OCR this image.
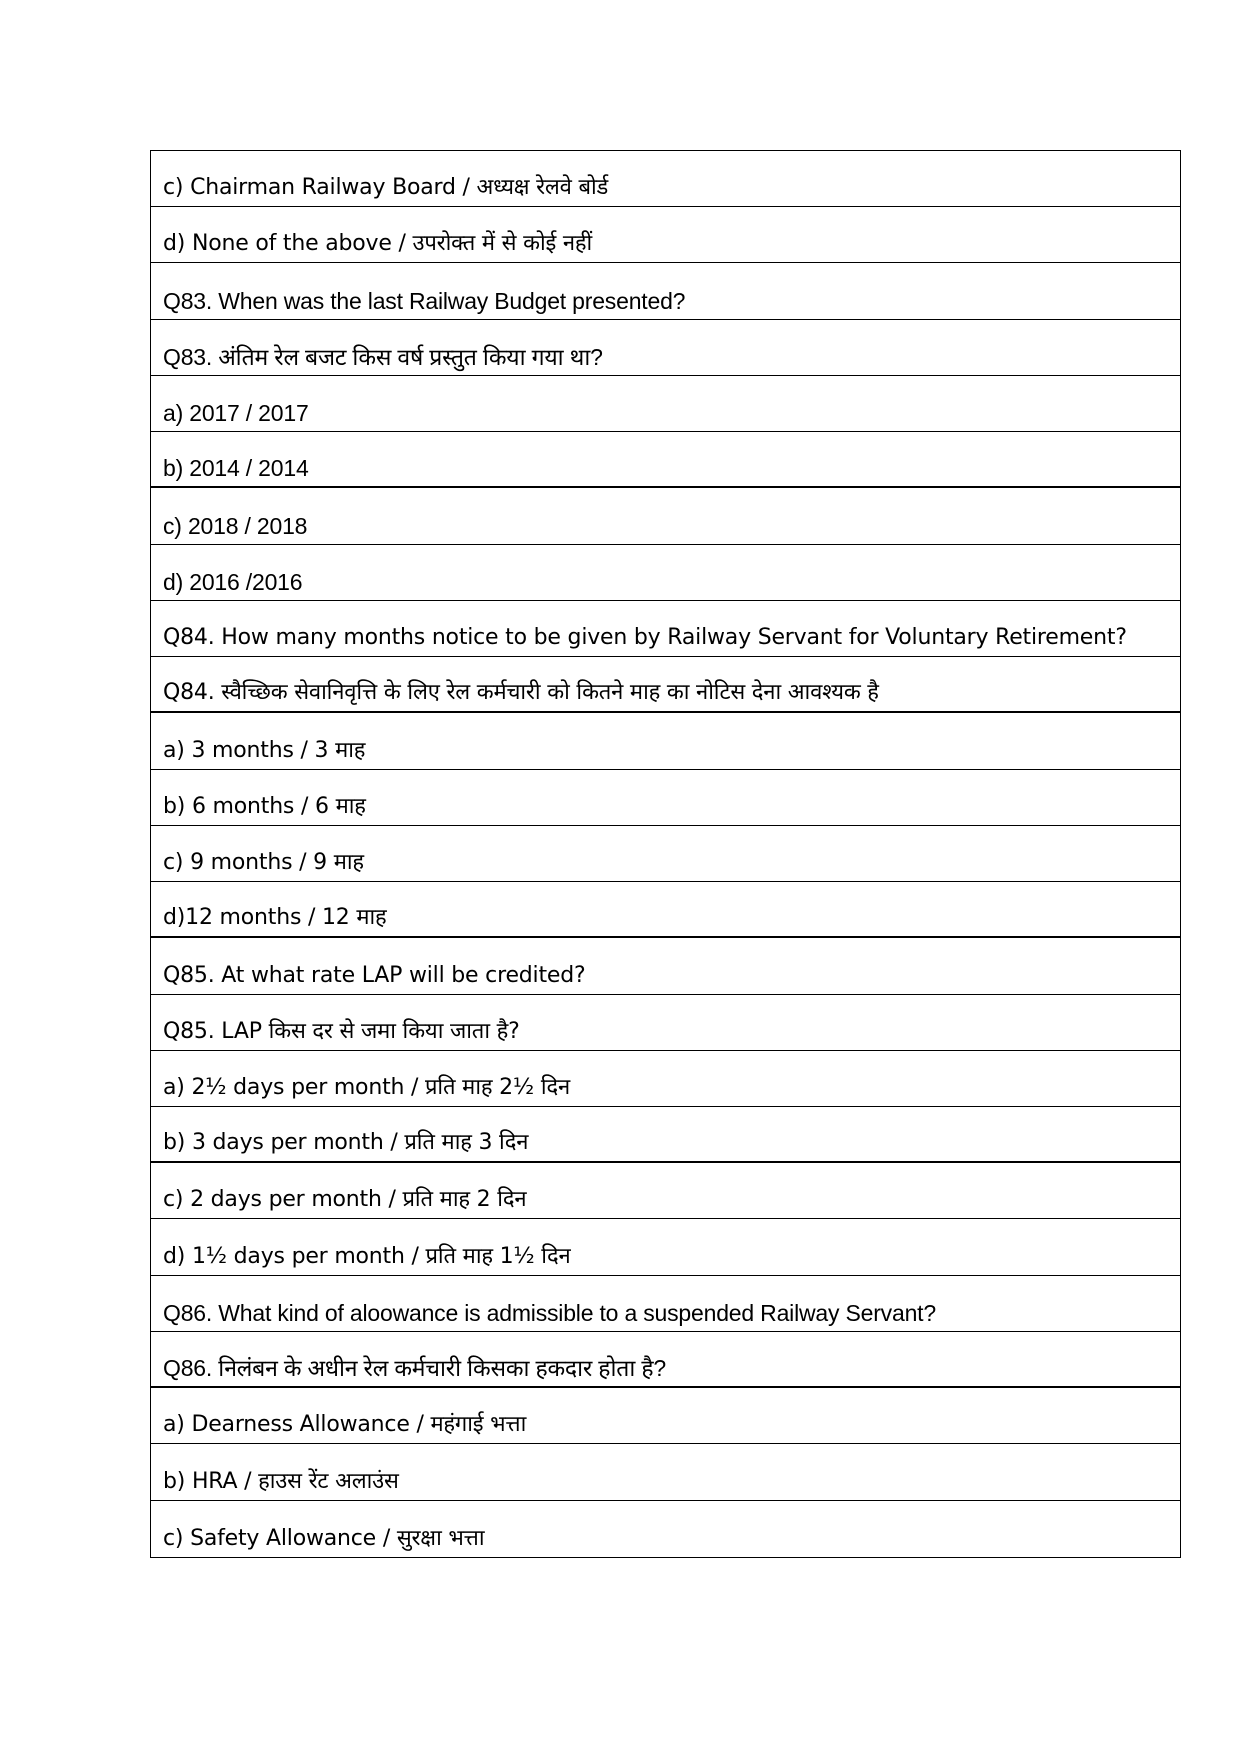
c) Chairman Railway Board / अध्यक्ष रेलवे बोर्ड
d) None of the above / उपरोक्त में से कोई नहीं
Q83. When was the last Railway Budget presented?
Q83. अंतिम रेल बजट किस वर्ष प्रस्तुत किया गया था?
a) 2017 / 2017
b) 2014 / 2014
c) 2018 / 2018
d) 2016 /2016
Q84. How many months notice to be given by Railway Servant for Voluntary Retirement?
Q84. स्वैच्छिक सेवानिवृत्ति के लिए रेल कर्मचारी को कितने माह का नोटिस देना आवश्यक है
a) 3 months / 3 माह
b) 6 months / 6 माह
c) 9 months / 9 माह
d)12 months / 12 माह
Q85. At what rate LAP will be credited?
Q85. LAP किस दर से जमा किया जाता है?
a) 2½ days per month / प्रति माह 2½ दिन
b) 3 days per month / प्रति माह 3 दिन
c) 2 days per month / प्रति माह 2 दिन
d) 1½ days per month / प्रति माह 1½ दिन
Q86. What kind of aloowance is admissible to a suspended Railway Servant?
Q86. निलंबन के अधीन रेल कर्मचारी किसका हकदार होता है?
a) Dearness Allowance / महंगाई भत्ता
b) HRA / हाउस रेंट अलाउंस
c) Safety Allowance / सुरक्षा भत्ता
